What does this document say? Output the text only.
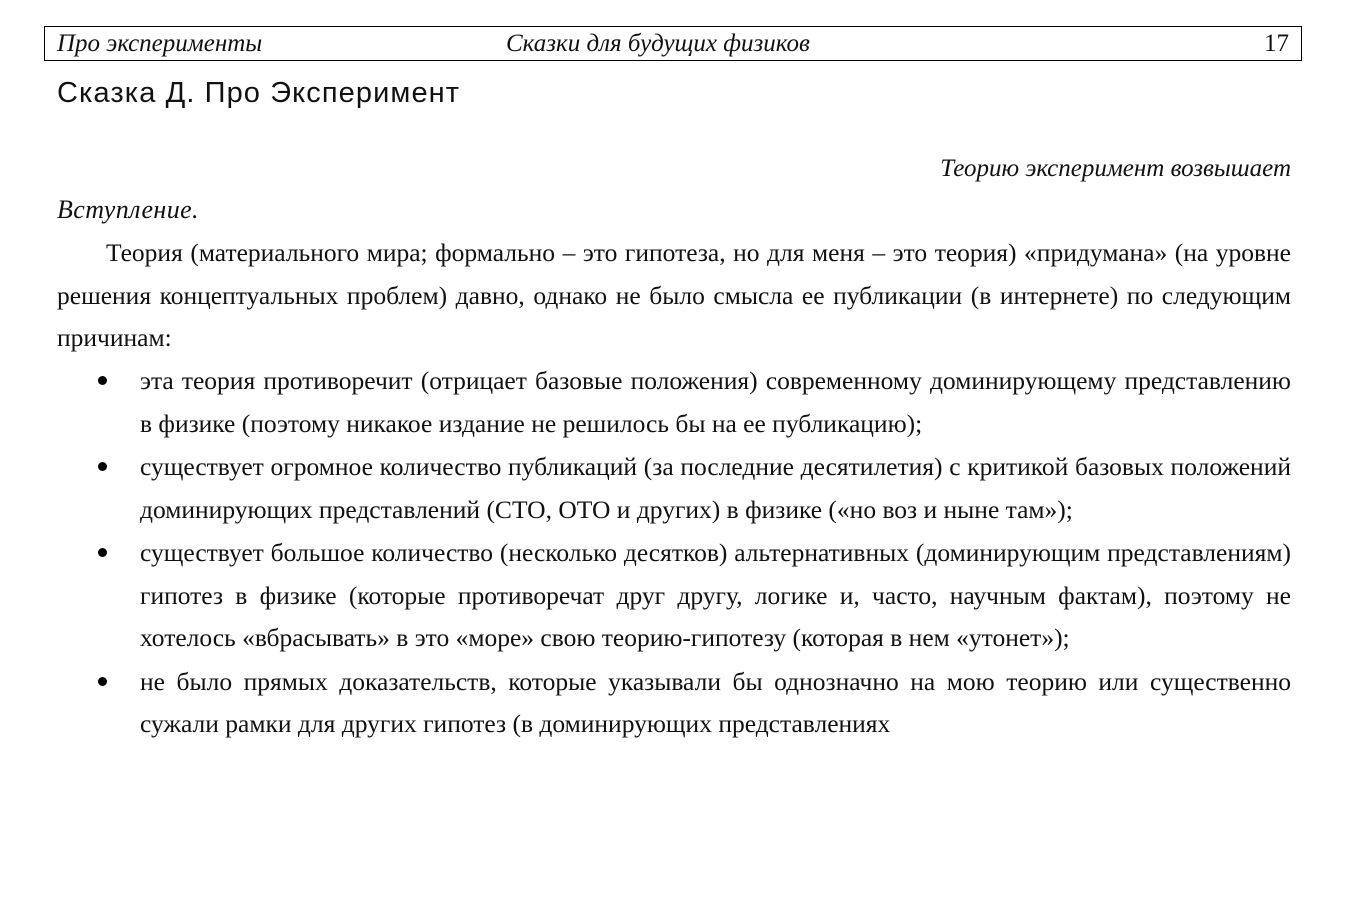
Про эксперименты	Сказки для будущих физиков	17
Сказка Д. Про Эксперимент
Теорию эксперимент возвышает
Вступление.

Теория (материального мира; формально – это гипотеза, но для меня – это теория) «придумана» (на уровне решения концептуальных проблем) давно, однако не было смысла ее публикации (в интернете) по следующим причинам:

эта теория противоречит (отрицает базовые положения) современному доминирующему представлению в физике (поэтому никакое издание не решилось бы на ее публикацию);
существует огромное количество публикаций (за последние десятилетия) с критикой базовых положений доминирующих представлений (СТО, ОТО и других) в физике («но воз и ныне там»);
существует большое количество (несколько десятков) альтернативных (доминирующим представлениям) гипотез в физике (которые противоречат друг другу, логике и, часто, научным фактам), поэтому не хотелось «вбрасывать» в это «море» свою теорию-гипотезу (которая в нем «утонет»);
не было прямых доказательств, которые указывали бы однозначно на мою теорию или существенно сужали рамки для других гипотез (в доминирующих представлениях
